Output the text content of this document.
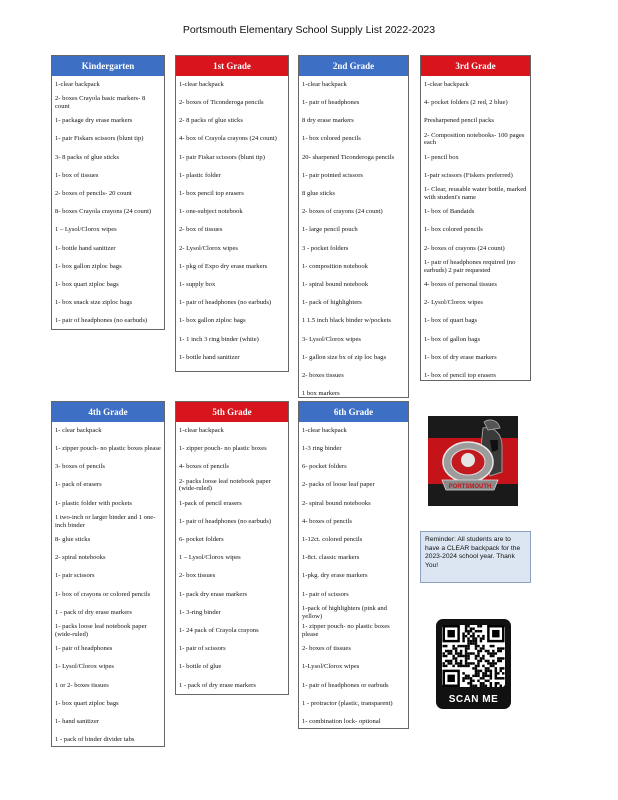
Portsmouth Elementary School Supply List 2022-2023
Kindergarten
1-clear backpack
2- boxes Crayola basic markers- 8 count
1- package dry erase markers
1- pair Fiskars scissors (blunt tip)
3- 8 packs of glue sticks
1- box of tissues
2- boxes of pencils- 20 count
8- boxes Crayola crayons (24 count)
1 – Lysol/Clorox wipes
1- bottle hand sanitizer
1- box gallon ziploc bags
1- box quart ziploc bags
1- box snack size ziploc bags
1- pair of headphones (no earbuds)
1st Grade
1-clear backpack
2- boxes of Ticonderoga pencils
2- 8 packs of glue sticks
4- box of Crayola crayons (24 count)
1- pair Fiskar scissors (blunt tip)
1- plastic folder
1- box pencil top erasers
1- one-subject notebook
2- box of tissues
2- Lysol/Clorox wipes
1- pkg of Expo dry erase markers
1- supply box
1- pair of headphones (no earbuds)
1- box gallon ziploc bags
1- 1 inch 3 ring binder (white)
1- bottle hand sanitizer
2nd Grade
1-clear backpack
1- pair of headphones
8 dry erase markers
1- box colored pencils
20- sharpened Ticonderoga pencils
1- pair pointed scissors
8 glue sticks
2- boxes of crayons (24 count)
1- large pencil pouch
3 - pocket folders
1- composition notebook
1- spiral bound notebook
1- pack of highlighters
1 1.5 inch black binder w/pockets
3- Lysol/Clorox wipes
1- gallon size bx of zip loc bags
2- boxes tissues
1 box markers
3rd Grade
1-clear backpack
4- pocket folders (2 red, 2 blue)
Presharpened pencil packs
2- Composition notebooks- 100 pages each
1- pencil box
1-pair scissors (Fiskers preferred)
1- Clear, reusable water bottle, marked with student's name
1- box of Bandaids
1- box colored pencils
2- boxes of crayons (24 count)
1- pair of headphones required (no earbuds) 2 pair requested
4- boxes of personal tissues
2- Lysol/Clorox wipes
1- box of quart bags
1- box of gallon bags
1- box of dry erase markers
1- box of pencil top erasers
4th Grade
1- clear backpack
1- zipper pouch- no plastic boxes please
3- boxes of pencils
1- pack of erasers
1- plastic folder with pockets
1 two-inch or larger binder and 1 one-inch binder
8- glue sticks
2- spiral notebooks
1- pair scissors
1- box of crayons or colored pencils
1 - pack of dry erase markers
1- packs loose leaf notebook paper (wide-ruled)
1- pair of headphones
1- Lysol/Clorox wipes
1 or 2- boxes tissues
1- box quart ziploc bags
1- hand sanitizer
1 - pack of binder divider tabs
5th Grade
1-clear backpack
1- zipper pouch- no plastic boxes
4- boxes of pencils
2- packs loose leaf notebook paper (wide-ruled)
1-pack of pencil erasers
1- pair of headphones (no earbuds)
6- pocket folders
1 – Lysol/Clorox wipes
2- box tissues
1- pack dry erase markers
1- 3-ring binder
1- 24 pack of Crayola crayons
1- pair of scissors
1- bottle of glue
1 - pack of dry erase markers
6th Grade
1-clear backpack
1-3 ring binder
6- pocket folders
2- packs of loose leaf paper
2- spiral bound notebooks
4- boxes of pencils
1-12ct. colored pencils
1-8ct. classic markers
1-pkg. dry erase markers
1- pair of scissors
1-pack of highlighters (pink and yellow)
1- zipper pouch- no plastic boxes please
2- boxes of tissues
1-Lysol/Clorox wipes
1- pair of headphones or earbuds
1 - protractor (plastic, transparent)
1- combination lock- optional
PORTSMOUTH
Reminder: All students are to have a CLEAR backpack for the 2023-2024 school year. Thank You!
SCAN ME
